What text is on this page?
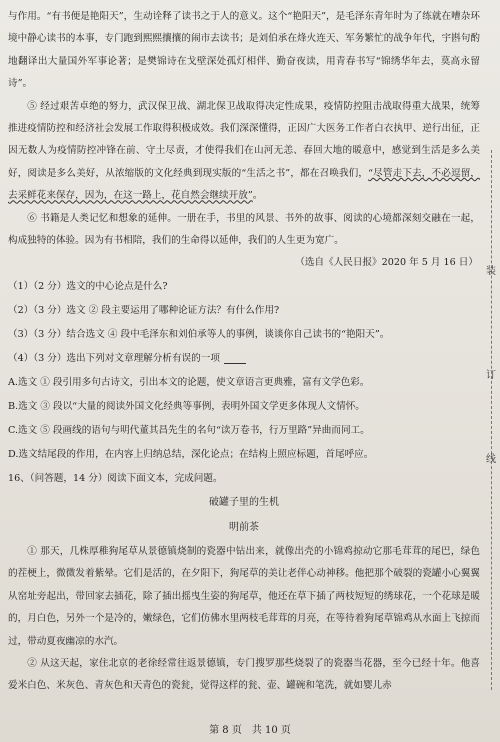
与作用。“有书便是艳阳天”，生动诠释了读书之于人的意义。这个“艳阳天”，是毛泽东青年时为了练就在嘈杂环境中静心读书的本事，专门跑到熙熙攘攘的闹市去读书；是刘伯承在烽火连天、军务繁忙的战争年代，宇斟句酌地翻译出大量国外军事论著；是樊锦诗在戈壁深处孤灯相伴、勤奋夜读，用青春书写“锦绣华年去，莫高永留诗”。

⑤ 经过艰苦卓绝的努力，武汉保卫战、湖北保卫战取得决定性成果，疫情防控阻击战取得重大战果，统筹推进疫情防控和经济社会发展工作取得积极成效。我们深深懂得，正因广大医务工作者白衣执甲、逆行出征，正因无数人为疫情防控冲锋在前、守土尽责，才使得我们在山河无恙、春回大地的暖意中，感觉到生活是多么美好，阅读是多么美好，从浓缩版的文化经典到现实版的“生活之书”，都在召唤我们，“尽管走下去，不必逗留，去采鲜花来保存，因为，在这一路上，花自然会继续开放”。

⑥ 书籍是人类记忆和想象的延伸。一册在手，书里的风景、书外的故事、阅读的心境都深刻交融在一起，构成独特的体验。因为有书相陪，我们的生命得以延伸，我们的人生更为宽广。

（选自《人民日报》2020 年 5 月 16 日）

（1）（2 分）选文的中心论点是什么?

（2）（3 分）选文 ② 段主要运用了哪种论证方法？有什么作用?

（3）（3 分）结合选文 ④ 段中毛泽东和刘伯承等人的事例，谈谈你自己读书的“艳阳天”。

（4）（3 分）选出下列对文章理解分析有误的一项

A.选文 ① 段引用多句古诗文，引出本文的论题，使文章语言更典雅，富有文学色彩。

B.选文 ③ 段以“大量的阅读外国文化经典等事例，表明外国文学更多体现人文情怀。

C.选文 ⑤ 段画线的语句与明代董其昌先生的名句“读万卷书，行万里路”异曲而同工。

D.选文结尾段的作用，在内容上归纳总结，深化论点；在结构上照应标题，首尾呼应。

16、（问答题，14 分）阅读下面文本，完成问题。

破罐子里的生机

明前茶

① 那天，几株厚稚狗尾草从景德镇烧制的瓷器中钻出来，就像出壳的小锦鸡掠动它那毛茸茸的尾巴，绿色的茬梗上，微微发着紫晕。它们是活的，在夕阳下，狗尾草的美让老伴心动神移。他把那个破裂的瓷罐小心翼翼从窑址旁起出，带回家去插花，除了插出摇曳生姿的狗尾草，他还在草下插了两枝短短的绣球花，一个花球是暖的，月白色，另外一个是冷的，嫩绿色，它们仿佛水里两枝毛茸茸的月亮，在等待着狗尾草锦鸡从水面上飞掠而过，带动夏夜幽凉的水汽。

② 从这天起，家住北京的老徐经常往返景德镇，专门搜罗那些烧裂了的瓷器当花器，至今已经十年。他喜爱米白色、米灰色、青灰色和天青色的瓷瓮，觉得这样的瓮、壶、罐碗和笔洗，就如婴儿赤

装
订
线
第 8 页　共 10 页
